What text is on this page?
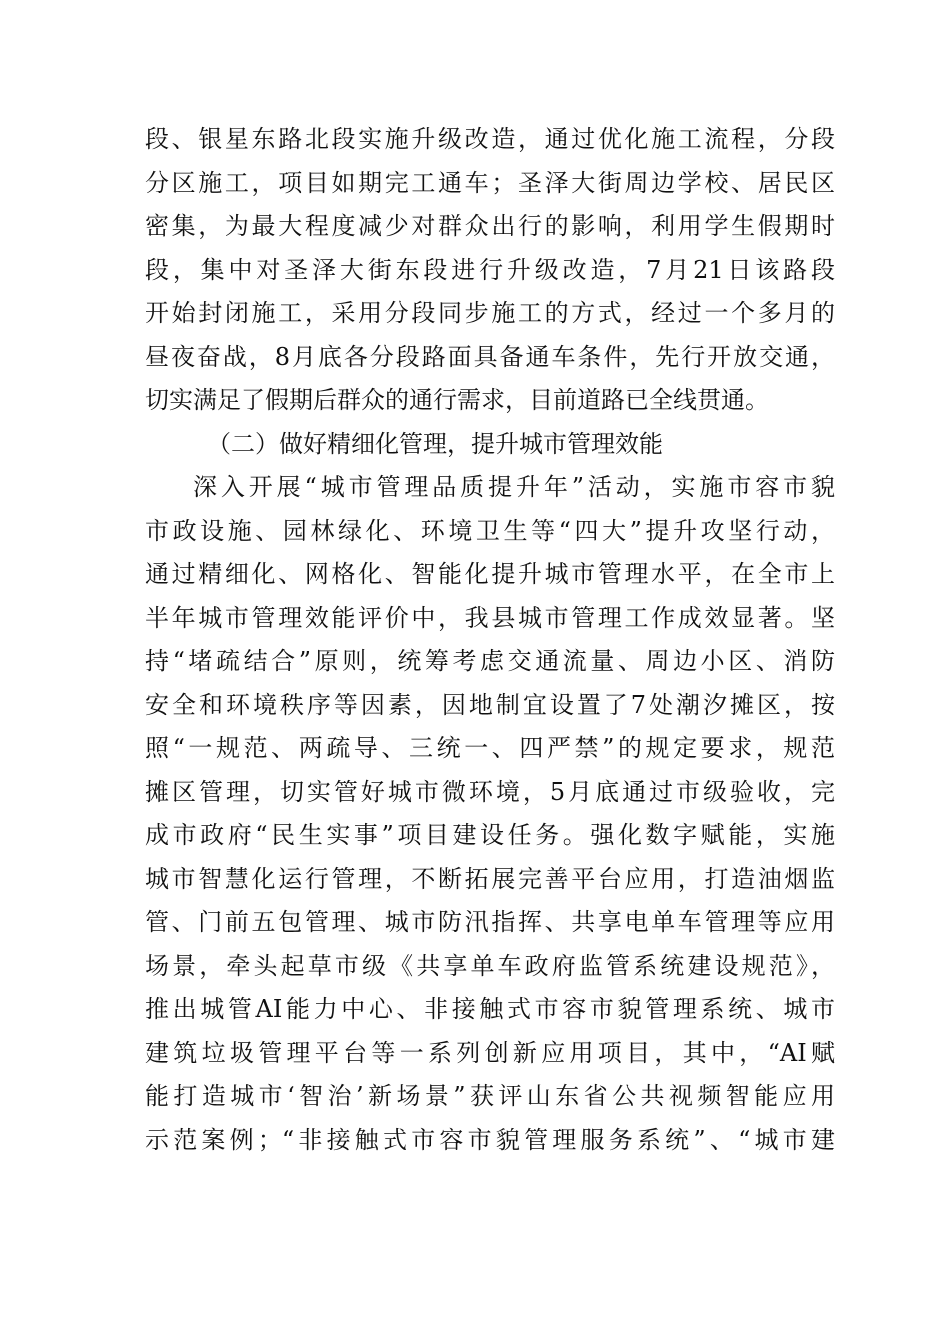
段、银星东路北段实施升级改造，通过优化施工流程，分段
分区施工，项目如期完工通车；圣泽大街周边学校、居民区
密集，为最大程度减少对群众出行的影响，利用学生假期时
段，集中对圣泽大街东段进行升级改造，7月21日该路段
开始封闭施工，采用分段同步施工的方式，经过一个多月的
昼夜奋战，8月底各分段路面具备通车条件，先行开放交通，
切实满足了假期后群众的通行需求，目前道路已全线贯通。
（二）做好精细化管理，提升城市管理效能
深入开展“城市管理品质提升年”活动，实施市容市貌
市政设施、园林绿化、环境卫生等“四大”提升攻坚行动，
通过精细化、网格化、智能化提升城市管理水平，在全市上
半年城市管理效能评价中，我县城市管理工作成效显著。坚
持“堵疏结合”原则，统筹考虑交通流量、周边小区、消防
安全和环境秩序等因素，因地制宜设置了7处潮汐摊区，按
照“一规范、两疏导、三统一、四严禁”的规定要求，规范
摊区管理，切实管好城市微环境，5月底通过市级验收，完
成市政府“民生实事”项目建设任务。强化数字赋能，实施
城市智慧化运行管理，不断拓展完善平台应用，打造油烟监
管、门前五包管理、城市防汛指挥、共享电单车管理等应用
场景，牵头起草市级《共享单车政府监管系统建设规范》，
推出城管AI能力中心、非接触式市容市貌管理系统、城市
建筑垃圾管理平台等一系列创新应用项目，其中，“AI赋
能打造城市‘智治’新场景”获评山东省公共视频智能应用
示范案例；“非接触式市容市貌管理服务系统”、“城市建
